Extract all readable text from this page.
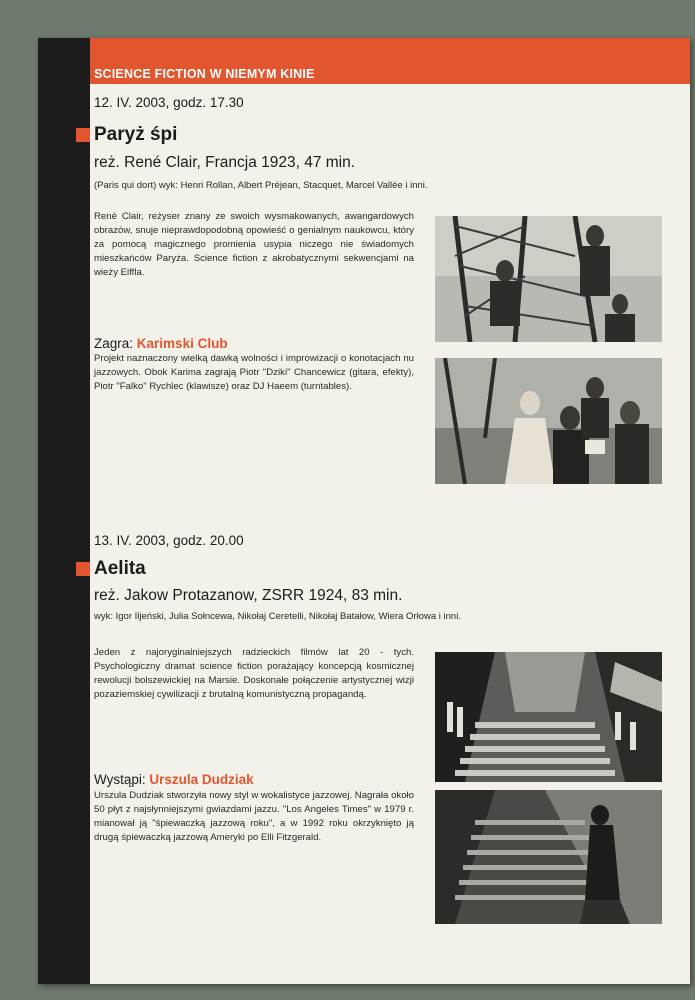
SCIENCE FICTION W NIEMYM KINIE
12. IV. 2003, godz. 17.30
Paryż śpi
reż. René Clair, Francja 1923, 47 min.
(Paris qui dort) wyk: Henri Rollan, Albert Préjean, Stacquet, Marcel Vallée i inni.
René Clair, reżyser znany ze swoich wysmakowanych, awangardowych obrazów, snuje nieprawdopodobną opowieść o genialnym naukowcu, który za pomocą magicznego promienia usypia niczego nie świadomych mieszkańców Paryża. Science fiction z akrobatycznymi sekwencjami na wieży Eiffla.
Zagra: Karimski Club
Projekt naznaczony wielką dawką wolności i improwizacji o konotacjach nu jazzowych. Obok Karima zagrają Piotr "Dziki" Chancewicz (gitara, efekty), Piotr "Falko" Rychlec (klawisze) oraz DJ Haeem (turntables).
13. IV. 2003, godz. 20.00
Aelita
reż. Jakow Protazanow, ZSRR 1924, 83 min.
wyk: Igor Iljeński, Julia Sołncewa, Nikołaj Ceretelli, Nikołaj Batałow, Wiera Orłowa i inni.
Jeden z najoryginalniejszych radzieckich filmów lat 20 - tych. Psychologiczny dramat science fiction porażający koncepcją kosmicznej rewolucji bolszewickiej na Marsie. Doskonałe połączenie artystycznej wizji pozaziemskiej cywilizacji z brutalną komunistyczną propagandą.
Wystąpi: Urszula Dudziak
Urszula Dudziak stworzyła nowy styl w wokalistyce jazzowej. Nagrała około 50 płyt z najsłynniejszymi gwiazdami jazzu. "Los Angeles Times" w 1979 r. mianował ją "śpiewaczką jazzową roku", a w 1992 roku okrzyknięto ją drugą śpiewaczką jazzową Ameryki po Elli Fitzgerald.
